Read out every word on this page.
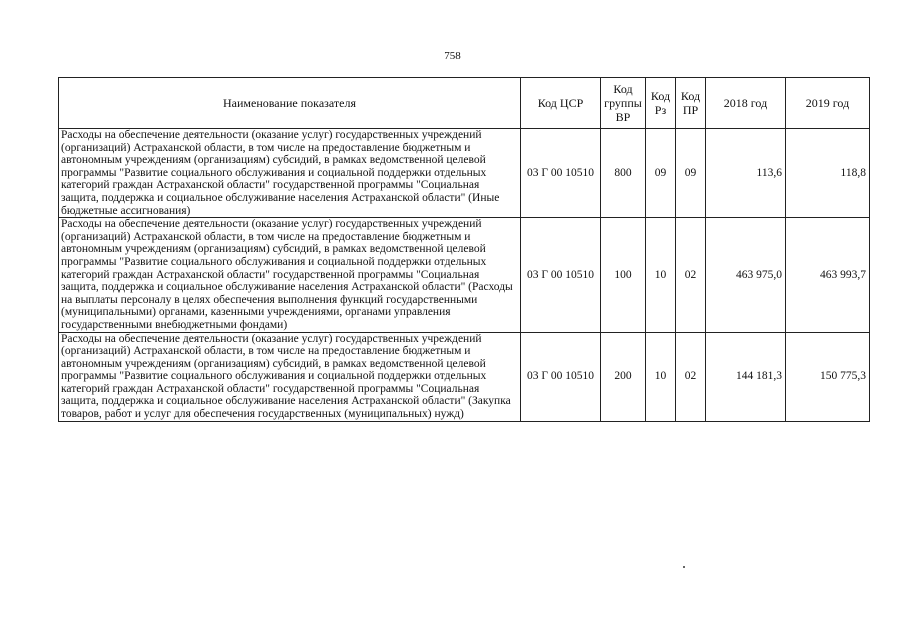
758
Наименование показателя	Код ЦСР	Код группы ВР	Код Рз	Код ПР	2018 год	2019 год
Расходы на обеспечение деятельности (оказание услуг) государственных учреждений (организаций) Астраханской области, в том числе на предоставление бюджетным и автономным учреждениям (организациям) субсидий, в рамках ведомственной целевой программы "Развитие социального обслуживания и социальной поддержки отдельных категорий граждан Астраханской области" государственной программы "Социальная защита, поддержка и социальное обслуживание населения Астраханской области" (Иные бюджетные ассигнования)	03 Г 00 10510	800	09	09	113,6	118,8
Расходы на обеспечение деятельности (оказание услуг) государственных учреждений (организаций) Астраханской области, в том числе на предоставление бюджетным и автономным учреждениям (организациям) субсидий, в рамках ведомственной целевой программы "Развитие социального обслуживания и социальной поддержки отдельных категорий граждан Астраханской области" государственной программы "Социальная защита, поддержка и социальное обслуживание населения Астраханской области" (Расходы на выплаты персоналу в целях обеспечения выполнения функций государственными (муниципальными) органами, казенными учреждениями, органами управления государственными внебюджетными фондами)	03 Г 00 10510	100	10	02	463 975,0	463 993,7
Расходы на обеспечение деятельности (оказание услуг) государственных учреждений (организаций) Астраханской области, в том числе на предоставление бюджетным и автономным учреждениям (организациям) субсидий, в рамках ведомственной целевой программы "Развитие социального обслуживания и социальной поддержки отдельных категорий граждан Астраханской области" государственной программы "Социальная защита, поддержка и социальное обслуживание населения Астраханской области" (Закупка товаров, работ и услуг для обеспечения государственных (муниципальных) нужд)	03 Г 00 10510	200	10	02	144 181,3	150 775,3
